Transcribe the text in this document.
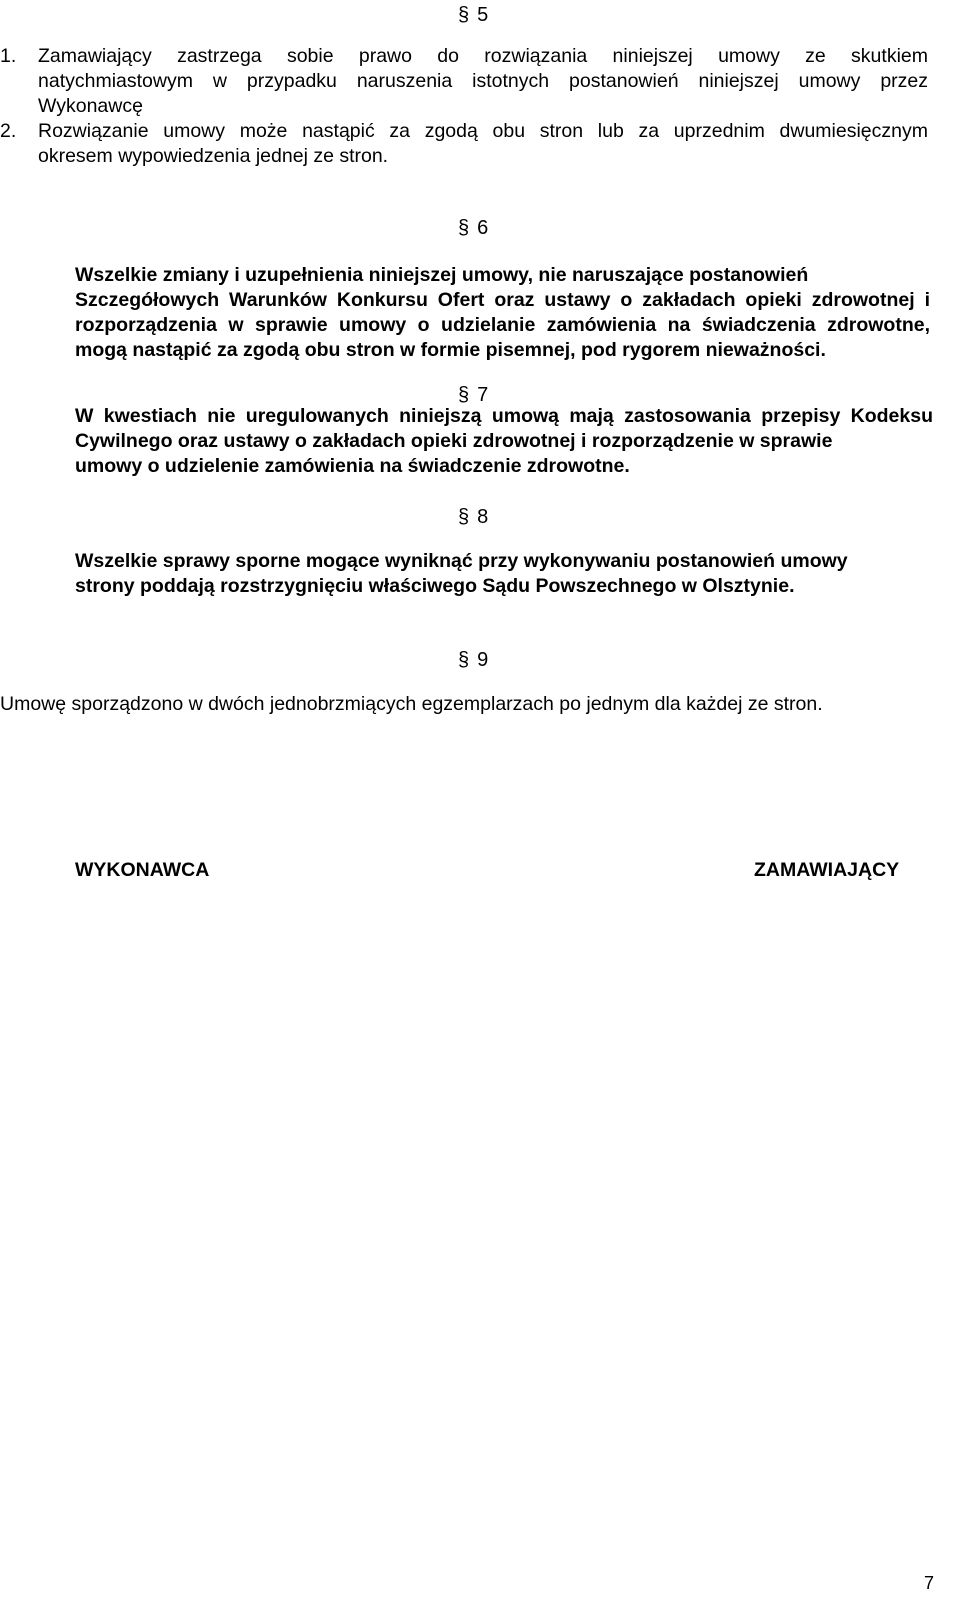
§ 5
1. Zamawiający zastrzega sobie prawo do rozwiązania niniejszej umowy ze skutkiem
natychmiastowym w przypadku naruszenia istotnych postanowień niniejszej umowy przez
Wykonawcę
2. Rozwiązanie umowy może nastąpić za zgodą obu stron lub za uprzednim dwumiesięcznym
okresem wypowiedzenia jednej ze stron.
§ 6
Wszelkie zmiany i uzupełnienia niniejszej umowy, nie naruszające postanowień
Szczegółowych Warunków Konkursu Ofert oraz ustawy o zakładach opieki zdrowotnej i
rozporządzenia w sprawie umowy o udzielanie zamówienia na świadczenia zdrowotne,
mogą nastąpić za zgodą obu stron w formie pisemnej, pod rygorem nieważności.
§ 7
W kwestiach nie uregulowanych niniejszą umową mają zastosowania przepisy Kodeksu
Cywilnego oraz ustawy o zakładach opieki zdrowotnej i rozporządzenie w sprawie
umowy o udzielenie zamówienia na świadczenie zdrowotne.
§ 8
Wszelkie sprawy sporne mogące wyniknąć przy wykonywaniu postanowień umowy
strony poddają rozstrzygnięciu właściwego Sądu Powszechnego w Olsztynie.
§ 9
Umowę sporządzono w dwóch jednobrzmiących egzemplarzach po jednym dla każdej ze stron.
WYKONAWCA	ZAMAWIAJĄCY
7
